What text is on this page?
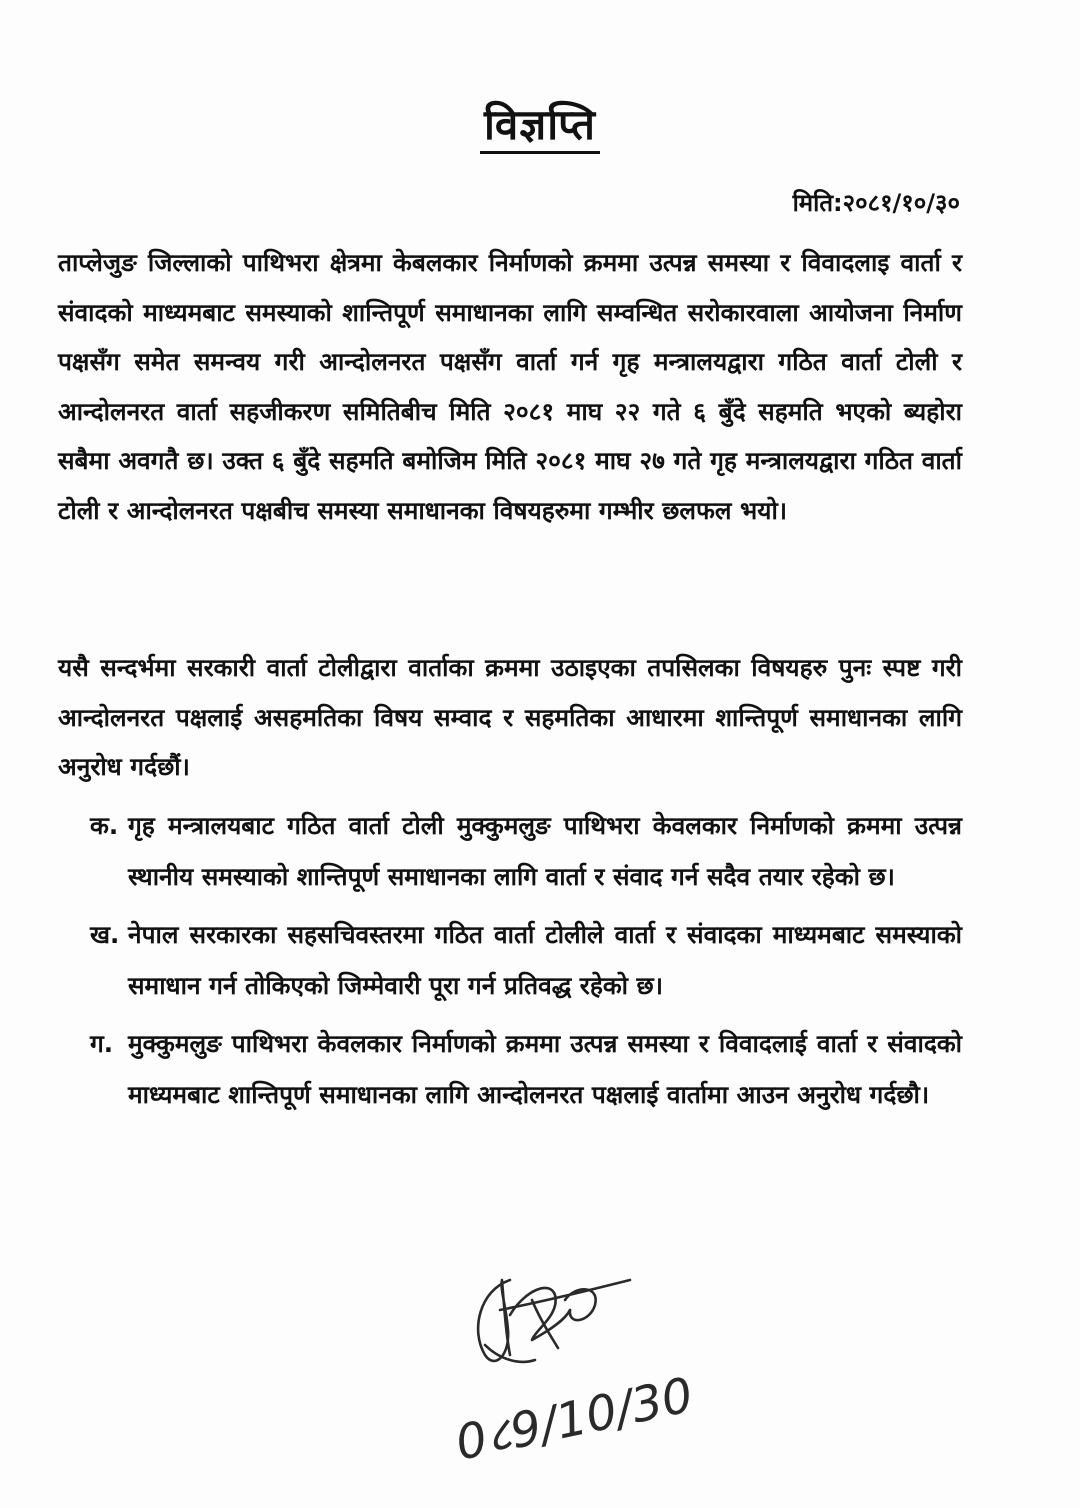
विज्ञप्ति
मिति:२०८१/१०/३०

ताप्लेजुङ जिल्लाको पाथिभरा क्षेत्रमा केबलकार निर्माणको क्रममा उत्पन्न समस्या र विवादलाइ वार्ता र संवादको माध्यमबाट समस्याको शान्तिपूर्ण समाधानका लागि सम्वन्धित सरोकारवाला आयोजना निर्माण पक्षसँग समेत समन्वय गरी आन्दोलनरत पक्षसँग वार्ता गर्न गृह मन्त्रालयद्वारा गठित वार्ता टोली र आन्दोलनरत वार्ता सहजीकरण समितिबीच मिति २०८१ माघ २२ गते ६ बुँदे सहमति भएको ब्यहोरा सबैमा अवगतै छ। उक्त ६ बुँदे सहमति बमोजिम मिति २०८१ माघ २७ गते गृह मन्त्रालयद्वारा गठित वार्ता टोली र आन्दोलनरत पक्षबीच समस्या समाधानका विषयहरुमा गम्भीर छलफल भयो।

यसै सन्दर्भमा सरकारी वार्ता टोलीद्वारा वार्ताका क्रममा उठाइएका तपसिलका विषयहरु पुनः स्पष्ट गरी आन्दोलनरत पक्षलाई असहमतिका विषय सम्वाद र सहमतिका आधारमा शान्तिपूर्ण समाधानका लागि अनुरोध गर्दछौं।

क. गृह मन्त्रालयबाट गठित वार्ता टोली मुक्कुमलुङ पाथिभरा केवलकार निर्माणको क्रममा उत्पन्न स्थानीय समस्याको शान्तिपूर्ण समाधानका लागि वार्ता र संवाद गर्न सदैव तयार रहेको छ।
ख. नेपाल सरकारका सहसचिवस्तरमा गठित वार्ता टोलीले वार्ता र संवादका माध्यमबाट समस्याको समाधान गर्न तोकिएको जिम्मेवारी पूरा गर्न प्रतिवद्ध रहेको छ।
ग. मुक्कुमलुङ पाथिभरा केवलकार निर्माणको क्रममा उत्पन्न समस्या र विवादलाई वार्ता र संवादको माध्यमबाट शान्तिपूर्ण समाधानका लागि आन्दोलनरत पक्षलाई वार्तामा आउन अनुरोध गर्दछौ।
0८9/10/30
